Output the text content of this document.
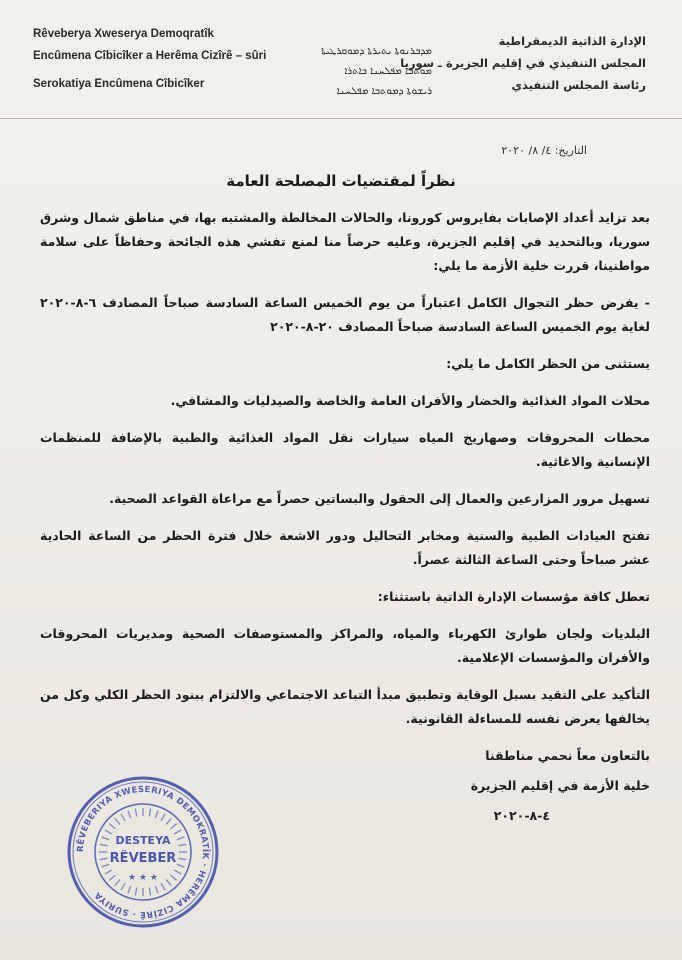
Rêveberya Xweserya Demoqratîk
Encûmena Cîbicîker a Herêma Cizîrê – sûri
Serokatiya Encûmena Cîbicîker
ܡܕܒܪܢܘܬܐ ܝܬܝܪܬܐ ܕܡܘܩܪܛܝܬܐ
ܡܘܬܒܐ ܡܦܠܚܢܐ ܒܐܬܪܐ
ܪܝܫܘܬܐ ܕܡܘܬܒܐ ܡܦܠܚܢܐ
الإدارة الذاتية الديمقراطية
المجلس التنفيذي في إقليم الجزيرة ـ سوريا
رئاسة المجلس التنفيذي
التاريخ: ٤/ ٨/ ٢٠٢٠
نظراً لمقتضيات المصلحة العامة

بعد تزايد أعداد الإصابات بفايروس كورونا، والحالات المخالطة والمشتبه بها، في مناطق شمال وشرق سوريا، وبالتحديد في إقليم الجزيرة، وعليه حرصاً منا لمنع تفشي هذه الجائحة وحفاظاً على سلامة مواطنينا، قررت خلية الأزمة ما يلي:

- يفرض حظر التجوال الكامل اعتباراً من يوم الخميس الساعة السادسة صباحاً المصادف ٦-٨-٢٠٢٠ لغاية يوم الخميس الساعة السادسة صباحاً المصادف ٢٠-٨-٢٠٢٠

يستثنى من الحظر الكامل ما يلي:

محلات المواد الغذائية والخضار والأفران العامة والخاصة والصيدليات والمشافي.

محطات المحروقات وصهاريج المياه سيارات نقل المواد الغذائية والطبية بالإضافة للمنظمات الإنسانية والاغاثية.

تسهيل مرور المزارعين والعمال إلى الحقول والبساتين حصراً مع مراعاة القواعد الصحية.

تفتح العيادات الطبية والسنية ومخابر التحاليل ودور الاشعة خلال فترة الحظر من الساعة الحادية عشر صباحاً وحتى الساعة الثالثة عصراً.

تعطل كافة مؤسسات الإدارة الذاتية باستثناء:

البلديات ولجان طوارئ الكهرباء والمياه، والمراكز والمستوصفات الصحية ومديريات المحروقات والأفران والمؤسسات الإعلامية.

التأكيد على التقيد بسبل الوقاية وتطبيق مبدأ التباعد الاجتماعي والالتزام ببنود الحظر الكلي وكل من يخالفها يعرض نفسه للمساءلة القانونية.

بالتعاون معاً نحمي مناطقنا

خلية الأزمة في إقليم الجزيرة

٤-٨-٢٠٢٠

RÊVEBERIYA XWESERIYA DEMOKRATÎK · HERÊMA CIZÎRÊ · SURIYA
DESTEYA
RÊVEBER
★ ★ ★
